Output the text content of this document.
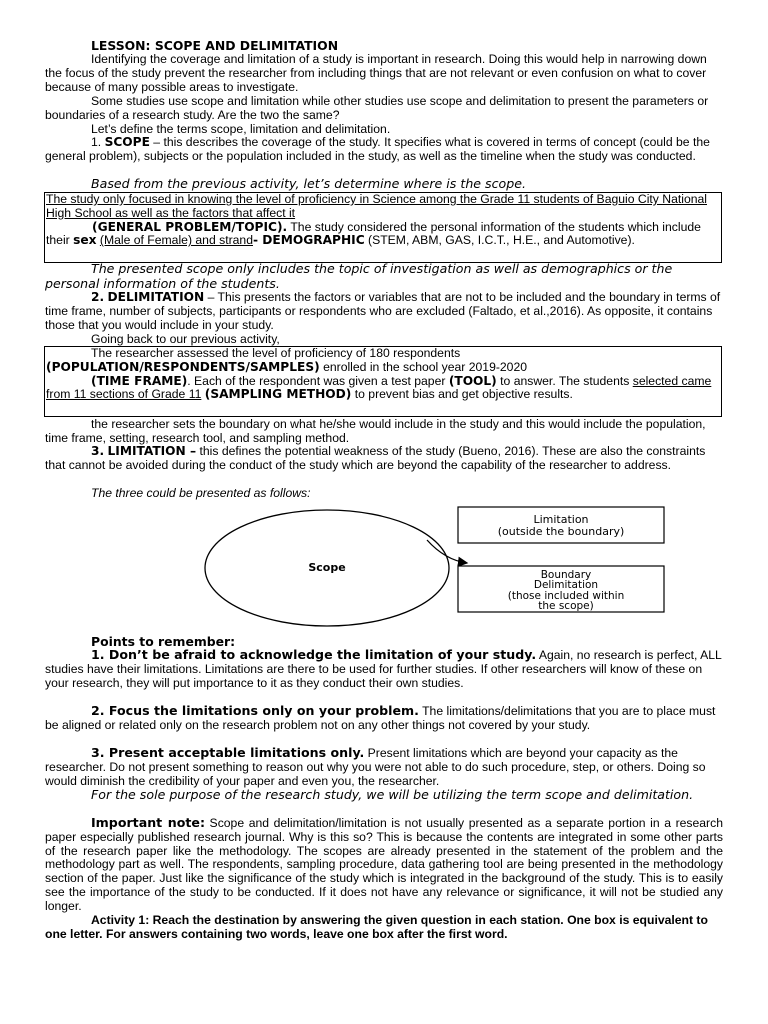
LESSON: SCOPE AND DELIMITATION

Identifying the coverage and limitation of a study is important in research. Doing this would help in narrowing down the focus of the study prevent the researcher from including things that are not relevant or even confusion on what to cover because of many possible areas to investigate.

Some studies use scope and limitation while other studies use scope and delimitation to present the parameters or boundaries of a research study. Are the two the same?

Let’s define the terms scope, limitation and delimitation.

1. SCOPE – this describes the coverage of the study. It specifies what is covered in terms of concept (could be the general problem), subjects or the population included in the study, as well as the timeline when the study was conducted.

Based from the previous activity, let’s determine where is the scope.

The study only focused in knowing the level of proficiency in Science among the Grade 11 students of Baguio City National High School as well as the factors that affect it
(GENERAL PROBLEM/TOPIC). The study considered the personal information of the students which include their sex (Male of Female) and strand- DEMOGRAPHIC (STEM, ABM, GAS, I.C.T., H.E., and Automotive).

The presented scope only includes the topic of investigation as well as demographics or the personal information of the students.

2. DELIMITATION – This presents the factors or variables that are not to be included and the boundary in terms of time frame, number of subjects, participants or respondents who are excluded (Faltado, et al.,2016). As opposite, it contains those that you would include in your study.

Going back to our previous activity,

The researcher assessed the level of proficiency of 180 respondents
(POPULATION/RESPONDENTS/SAMPLES) enrolled in the school year 2019-2020
(TIME FRAME). Each of the respondent was given a test paper (TOOL) to answer. The students selected came from 11 sections of Grade 11 (SAMPLING METHOD) to prevent bias and get objective results.

the researcher sets the boundary on what he/she would include in the study and this would include the population, time frame, setting, research tool, and sampling method.

3. LIMITATION – this defines the potential weakness of the study (Bueno, 2016). These are also the constraints that cannot be avoided during the conduct of the study which are beyond the capability of the researcher to address.

The three could be presented as follows:

Scope
Limitation
(outside the boundary)
Boundary
Delimitation
(those included within
the scope)
Points to remember:

1. Don’t be afraid to acknowledge the limitation of your study. Again, no research is perfect, ALL studies have their limitations. Limitations are there to be used for further studies. If other researchers will know of these on your research, they will put importance to it as they conduct their own studies.

2. Focus the limitations only on your problem. The limitations/delimitations that you are to place must be aligned or related only on the research problem not on any other things not covered by your study.

3. Present acceptable limitations only. Present limitations which are beyond your capacity as the researcher. Do not present something to reason out why you were not able to do such procedure, step, or others. Doing so would diminish the credibility of your paper and even you, the researcher.

For the sole purpose of the research study, we will be utilizing the term scope and delimitation.

Important note: Scope and delimitation/limitation is not usually presented as a separate portion in a research paper especially published research journal. Why is this so? This is because the contents are integrated in some other parts of the research paper like the methodology. The scopes are already presented in the statement of the problem and the methodology part as well. The respondents, sampling procedure, data gathering tool are being presented in the methodology section of the paper. Just like the significance of the study which is integrated in the background of the study. This is to easily see the importance of the study to be conducted. If it does not have any relevance or significance, it will not be studied any longer.

Activity 1: Reach the destination by answering the given question in each station. One box is equivalent to one letter. For answers containing two words, leave one box after the first word.
